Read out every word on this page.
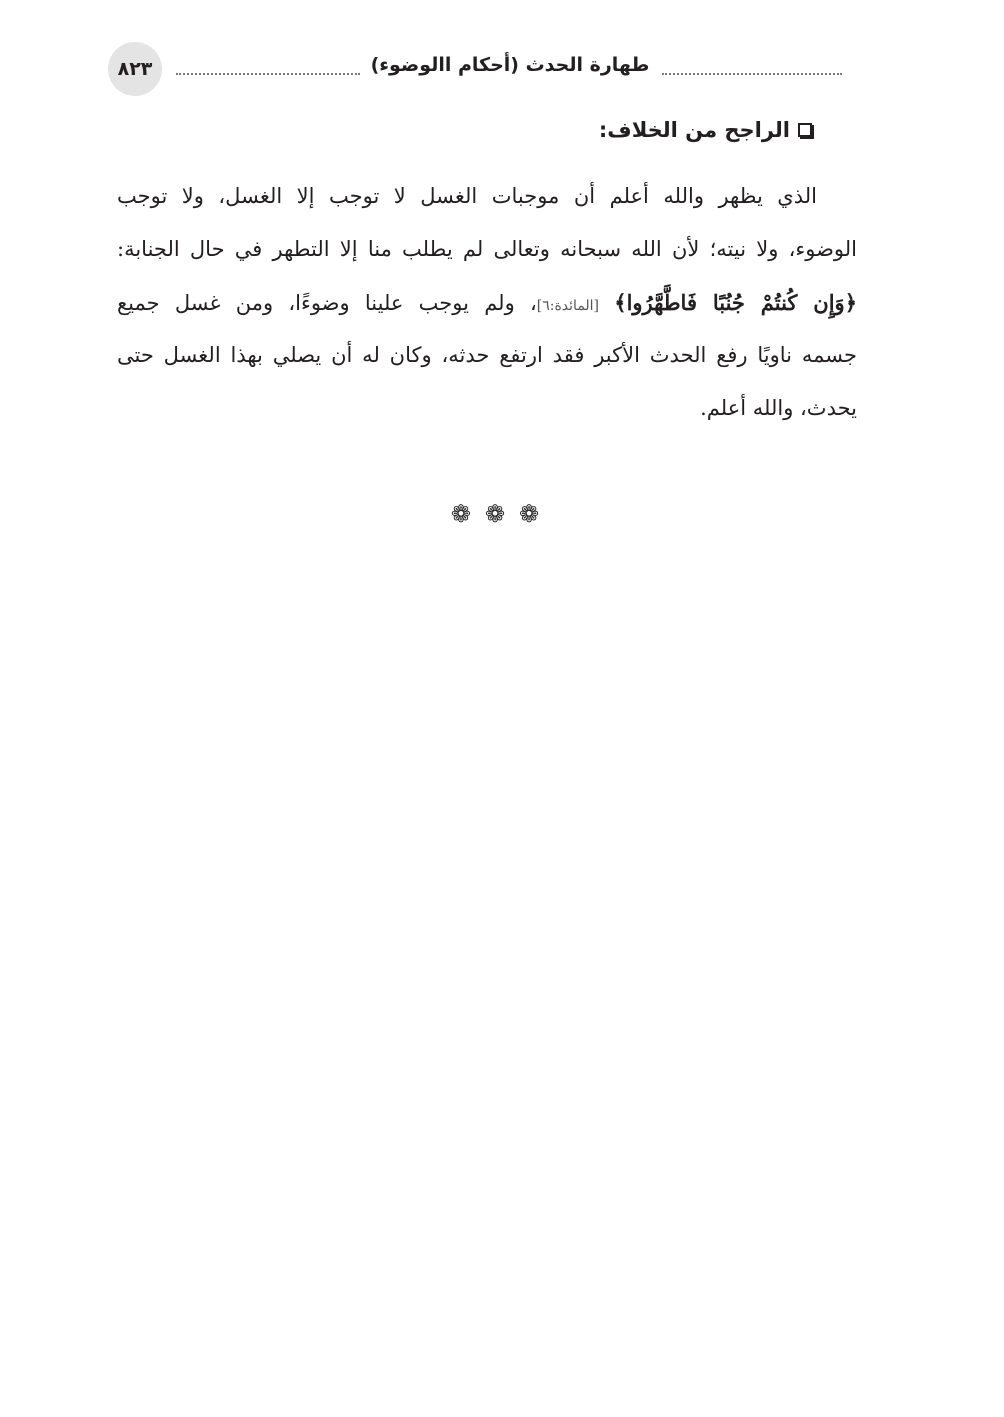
٨٢٣	طهارة الحدث (أحكام االوضوء)
الراجح من الخلاف:
الذي يظهر والله أعلم أن موجبات الغسل لا توجب إلا الغسل، ولا توجب
الوضوء، ولا نيته؛ لأن الله سبحانه وتعالى لم يطلب منا إلا التطهر في حال الجنابة:
﴿وَإِن كُنتُمْ جُنُبًا فَاطَّهَّرُوا﴾ [المائدة:٦]، ولم يوجب علينا وضوءًا، ومن غسل جميع
جسمه ناويًا رفع الحدث الأكبر فقد ارتفع حدثه، وكان له أن يصلي بهذا الغسل حتى
يحدث، والله أعلم.
❁❁❁
